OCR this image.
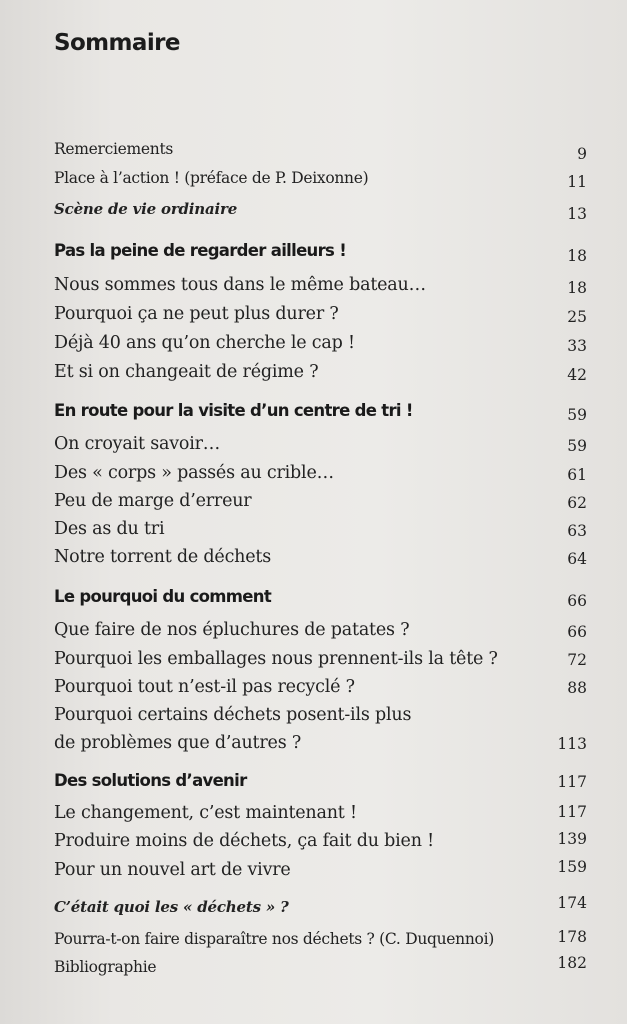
Sommaire
Remerciements	9
Place à l’action ! (préface de P. Deixonne)	11
Scène de vie ordinaire	13
Pas la peine de regarder ailleurs !	18
Nous sommes tous dans le même bateau…	18
Pourquoi ça ne peut plus durer ?	25
Déjà 40 ans qu’on cherche le cap !	33
Et si on changeait de régime ?	42
En route pour la visite d’un centre de tri !	59
On croyait savoir…	59
Des « corps » passés au crible…	61
Peu de marge d’erreur	62
Des as du tri	63
Notre torrent de déchets	64
Le pourquoi du comment	66
Que faire de nos épluchures de patates ?	66
Pourquoi les emballages nous prennent-ils la tête ?	72
Pourquoi tout n’est-il pas recyclé ?	88
Pourquoi certains déchets posent-ils plus
de problèmes que d’autres ?	113
Des solutions d’avenir	117
Le changement, c’est maintenant !	117
Produire moins de déchets, ça fait du bien !	139
Pour un nouvel art de vivre	159
C’était quoi les « déchets » ?	174
Pourra-t-on faire disparaître nos déchets ? (C. Duquennoi)	178
Bibliographie	182
